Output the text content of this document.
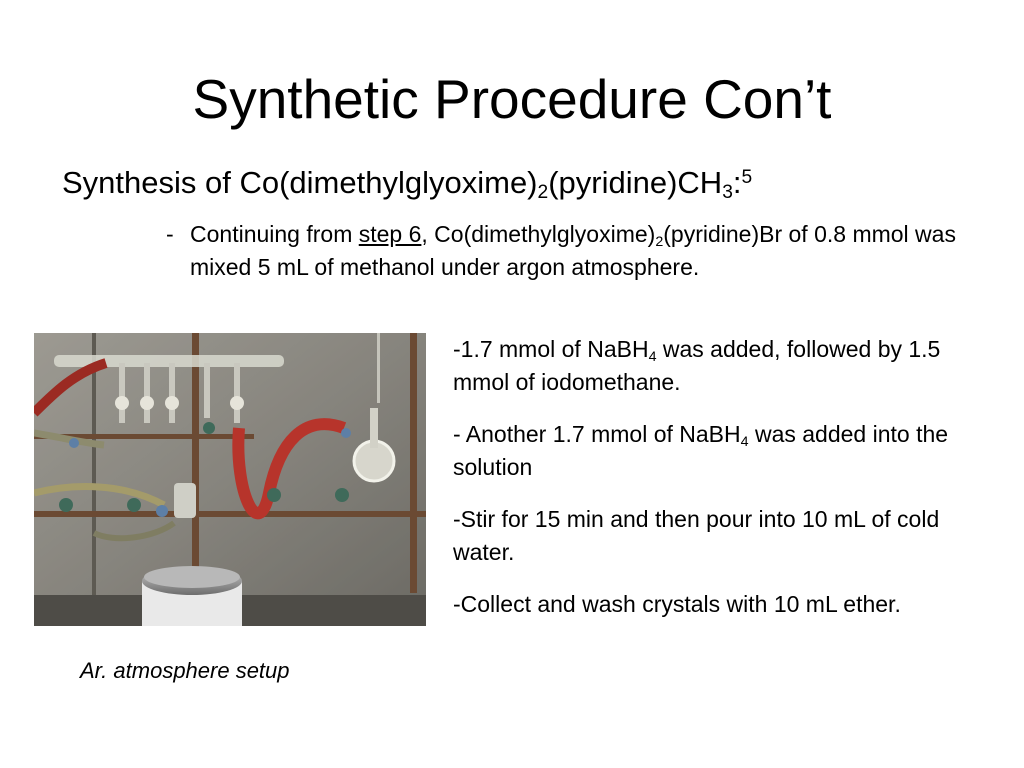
Synthetic Procedure Con’t
Synthesis of $Co(dimethylglyoxime)_2(pyridine)CH_3:^5$
- Continuing from step 6, $Co(dimethylglyoxime)_2(pyridine)Br$ of 0.8 mmol was mixed 5 mL of methanol under argon atmosphere.

-1.7 mmol of NaBH$_4$ was added, followed by 1.5 mmol of iodomethane.

- Another 1.7 mmol of NaBH$_4$ was added into the solution

-Stir for 15 min and then pour into 10 mL of cold water.

-Collect and wash crystals with 10 mL ether.

Ar. atmosphere setup
